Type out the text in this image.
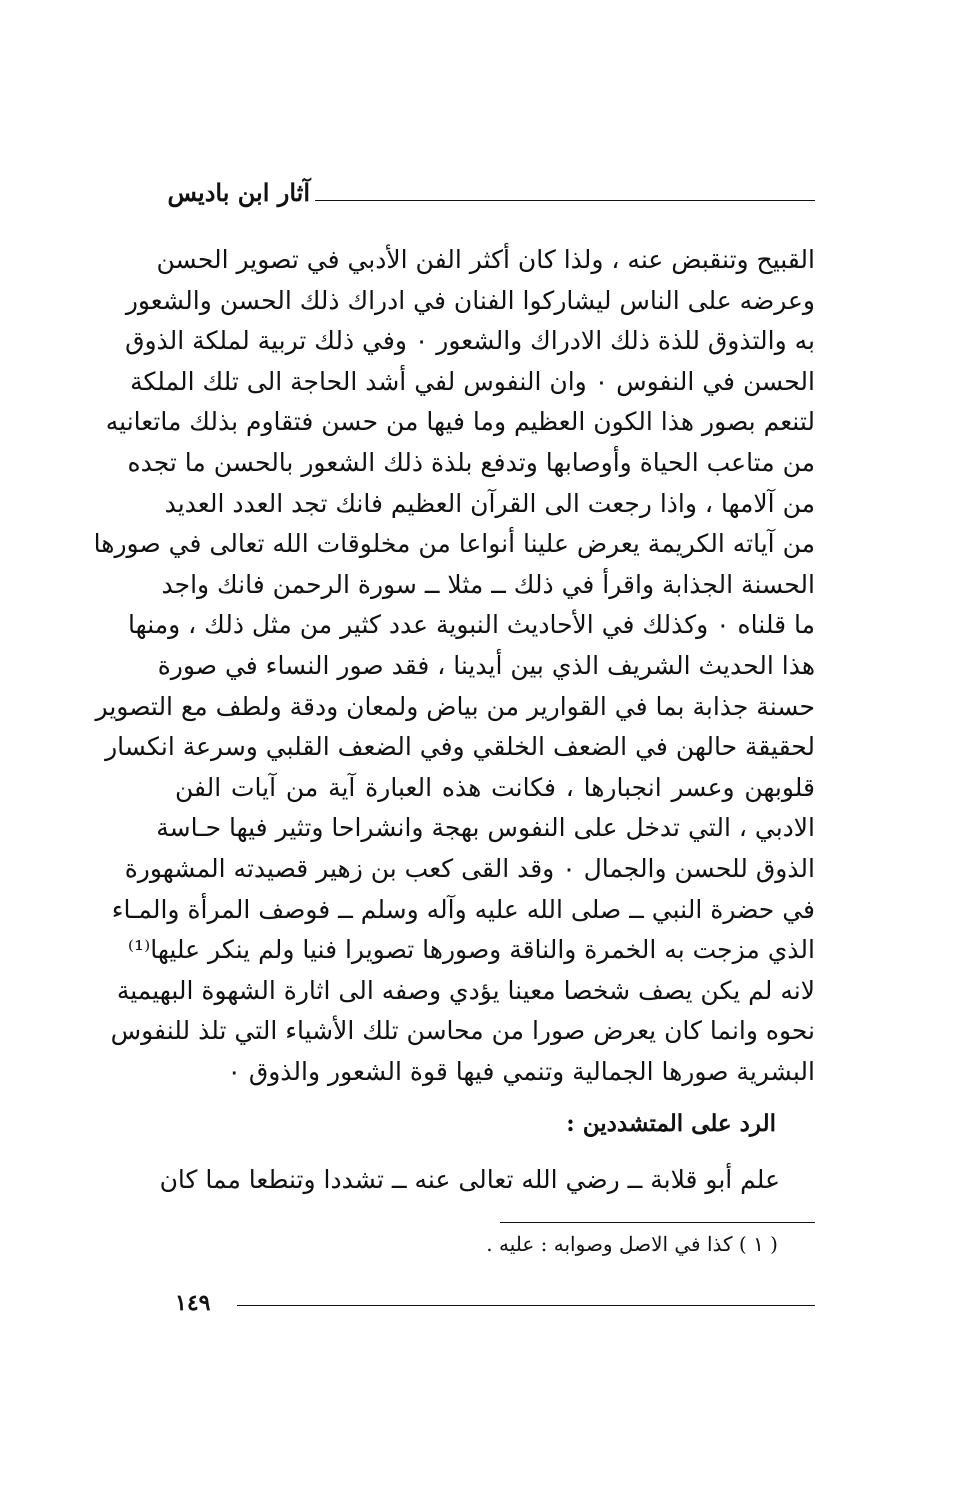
آثار ابن باديس
القبيح وتنقبض عنه ، ولذا كان أكثر الفن الأدبي في تصوير الحسن
وعرضه على الناس ليشاركوا الفنان في ادراك ذلك الحسن والشعور
به والتذوق للذة ذلك الادراك والشعور ٠ وفي ذلك تربية لملكة الذوق
الحسن في النفوس ٠ وان النفوس لفي أشد الحاجة الى تلك الملكة
لتنعم بصور هذا الكون العظيم وما فيها من حسن فتقاوم بذلك ماتعانيه
من متاعب الحياة وأوصابها وتدفع بلذة ذلك الشعور بالحسن ما تجده
من آلامها ، واذا رجعت الى القرآن العظيم فانك تجد العدد العديد
من آياته الكريمة يعرض علينا أنواعا من مخلوقات الله تعالى في صورها
الحسنة الجذابة واقرأ في ذلك ــ مثلا ــ سورة الرحمن فانك واجد
ما قلناه ٠ وكذلك في الأحاديث النبوية عدد كثير من مثل ذلك ، ومنها
هذا الحديث الشريف الذي بين أيدينا ، فقد صور النساء في صورة
حسنة جذابة بما في القوارير من بياض ولمعان ودقة ولطف مع التصوير
لحقيقة حالهن في الضعف الخلقي وفي الضعف القلبي وسرعة انكسار
قلوبهن وعسر انجبارها ، فكانت هذه العبارة آية من آيات الفن
الادبي ، التي تدخل على النفوس بهجة وانشراحا وتثير فيها حـاسة
الذوق للحسن والجمال ٠ وقد القى كعب بن زهير قصيدته المشهورة
في حضرة النبي ــ صلى الله عليه وآله وسلم ــ فوصف المرأة والمـاء
الذي مزجت به الخمرة والناقة وصورها تصويرا فنيا ولم ينكر عليها⁽¹⁾
لانه لم يكن يصف شخصا معينا يؤدي وصفه الى اثارة الشهوة البهيمية
نحوه وانما كان يعرض صورا من محاسن تلك الأشياء التي تلذ للنفوس
البشرية صورها الجمالية وتنمي فيها قوة الشعور والذوق ٠
الرد على المتشددين :
علم أبو قلابة ــ رضي الله تعالى عنه ــ تشددا وتنطعا مما كان
( ١ ) كذا في الاصل وصوابه : عليه .
١٤٩
